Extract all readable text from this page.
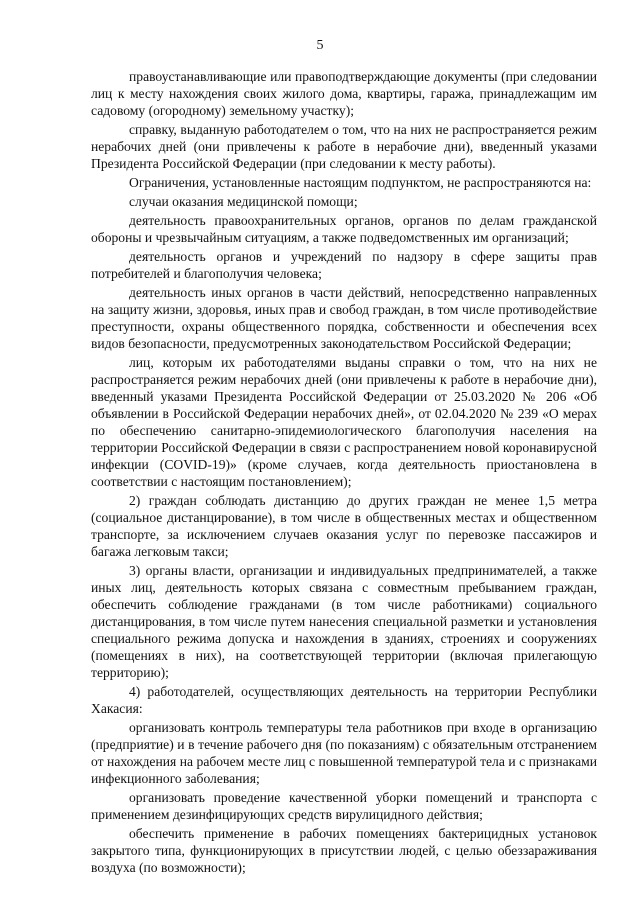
5

правоустанавливающие или правоподтверждающие документы (при следовании лиц к месту нахождения своих жилого дома, квартиры, гаража, принадлежащим им садовому (огородному) земельному участку);

справку, выданную работодателем о том, что на них не распространяется режим нерабочих дней (они привлечены к работе в нерабочие дни), введенный указами Президента Российской Федерации (при следовании к месту работы).

Ограничения, установленные настоящим подпунктом, не распространяются на:

случаи оказания медицинской помощи;

деятельность правоохранительных органов, органов по делам гражданской обороны и чрезвычайным ситуациям, а также подведомственных им организаций;

деятельность органов и учреждений по надзору в сфере защиты прав потребителей и благополучия человека;

деятельность иных органов в части действий, непосредственно направленных на защиту жизни, здоровья, иных прав и свобод граждан, в том числе противодействие преступности, охраны общественного порядка, собственности и обеспечения всех видов безопасности, предусмотренных законодательством Российской Федерации;

лиц, которым их работодателями выданы справки о том, что на них не распространяется режим нерабочих дней (они привлечены к работе в нерабочие дни), введенный указами Президента Российской Федерации от 25.03.2020 № 206 «Об объявлении в Российской Федерации нерабочих дней», от 02.04.2020 № 239 «О мерах по обеспечению санитарно-эпидемиологического благополучия населения на территории Российской Федерации в связи с распространением новой коронавирусной инфекции (COVID-19)» (кроме случаев, когда деятельность приостановлена в соответствии с настоящим постановлением);

2) граждан соблюдать дистанцию до других граждан не менее 1,5 метра (социальное дистанцирование), в том числе в общественных местах и общественном транспорте, за исключением случаев оказания услуг по перевозке пассажиров и багажа легковым такси;

3) органы власти, организации и индивидуальных предпринимателей, а также иных лиц, деятельность которых связана с совместным пребыванием граждан, обеспечить соблюдение гражданами (в том числе работниками) социального дистанцирования, в том числе путем нанесения специальной разметки и установления специального режима допуска и нахождения в зданиях, строениях и сооружениях (помещениях в них), на соответствующей территории (включая прилегающую территорию);

4) работодателей, осуществляющих деятельность на территории Республики Хакасия:

организовать контроль температуры тела работников при входе в организацию (предприятие) и в течение рабочего дня (по показаниям) с обязательным отстранением от нахождения на рабочем месте лиц с повышенной температурой тела и с признаками инфекционного заболевания;

организовать проведение качественной уборки помещений и транспорта с применением дезинфицирующих средств вирулицидного действия;

обеспечить применение в рабочих помещениях бактерицидных установок закрытого типа, функционирующих в присутствии людей, с целью обеззараживания воздуха (по возможности);
